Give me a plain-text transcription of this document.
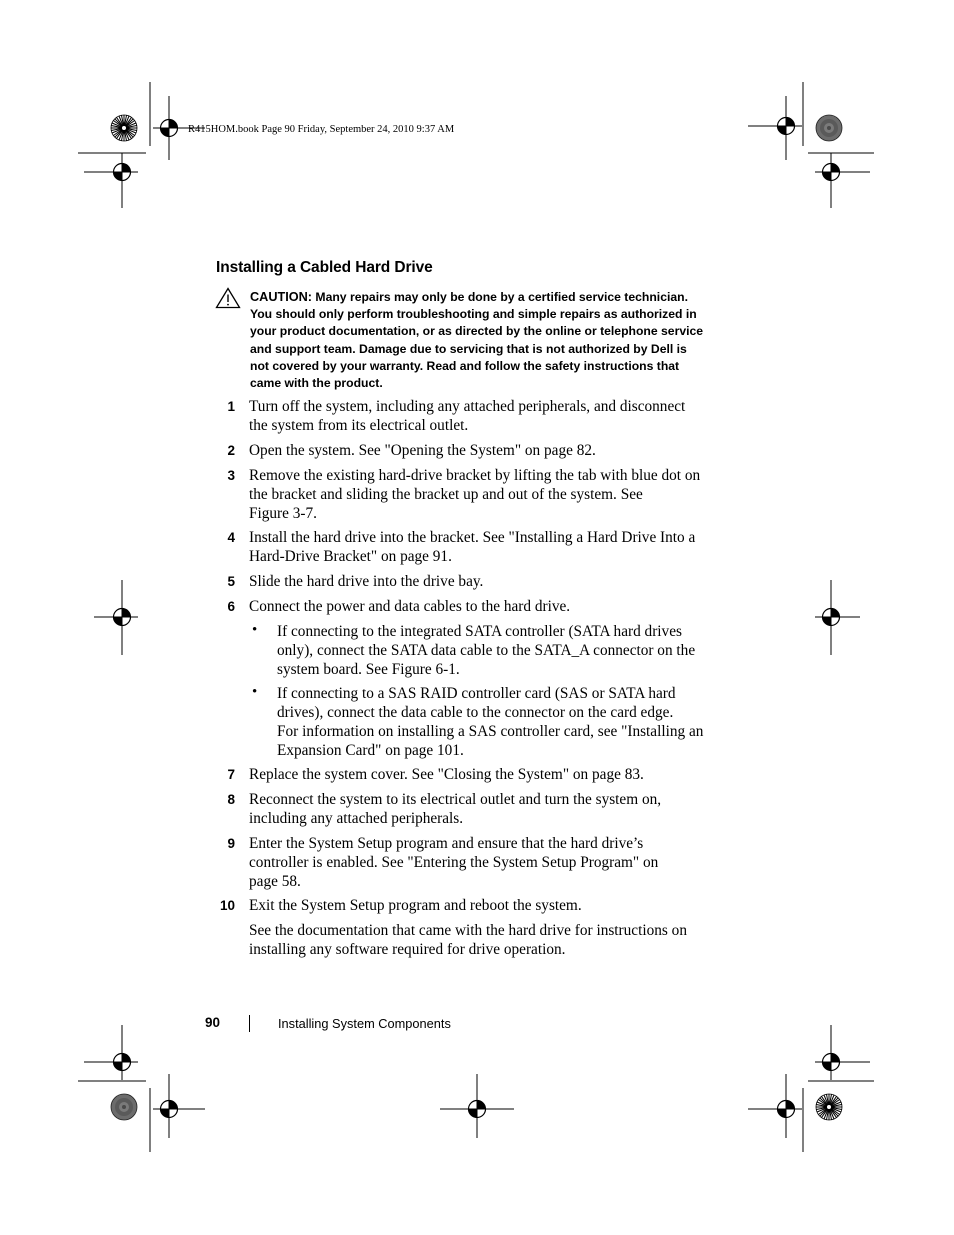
R415HOM.book Page 90 Friday, September 24, 2010 9:37 AM
Installing a Cabled Hard Drive
CAUTION: Many repairs may only be done by a certified service technician.
You should only perform troubleshooting and simple repairs as authorized in
your product documentation, or as directed by the online or telephone service
and support team. Damage due to servicing that is not authorized by Dell is
not covered by your warranty. Read and follow the safety instructions that
came with the product.
1 Turn off the system, including any attached peripherals, and disconnect
the system from its electrical outlet.
2 Open the system. See "Opening the System" on page 82.
3 Remove the existing hard-drive bracket by lifting the tab with blue dot on
the bracket and sliding the bracket up and out of the system. See
Figure 3-7.
4 Install the hard drive into the bracket. See "Installing a Hard Drive Into a
Hard-Drive Bracket" on page 91.
5 Slide the hard drive into the drive bay.
6 Connect the power and data cables to the hard drive.
• If connecting to the integrated SATA controller (SATA hard drives
only), connect the SATA data cable to the SATA_A connector on the
system board. See Figure 6-1.
• If connecting to a SAS RAID controller card (SAS or SATA hard
drives), connect the data cable to the connector on the card edge.
For information on installing a SAS controller card, see "Installing an
Expansion Card" on page 101.
7 Replace the system cover. See "Closing the System" on page 83.
8 Reconnect the system to its electrical outlet and turn the system on,
including any attached peripherals.
9 Enter the System Setup program and ensure that the hard drive’s
controller is enabled. See "Entering the System Setup Program" on
page 58.
10 Exit the System Setup program and reboot the system.
See the documentation that came with the hard drive for instructions on
installing any software required for drive operation.
90	Installing System Components
